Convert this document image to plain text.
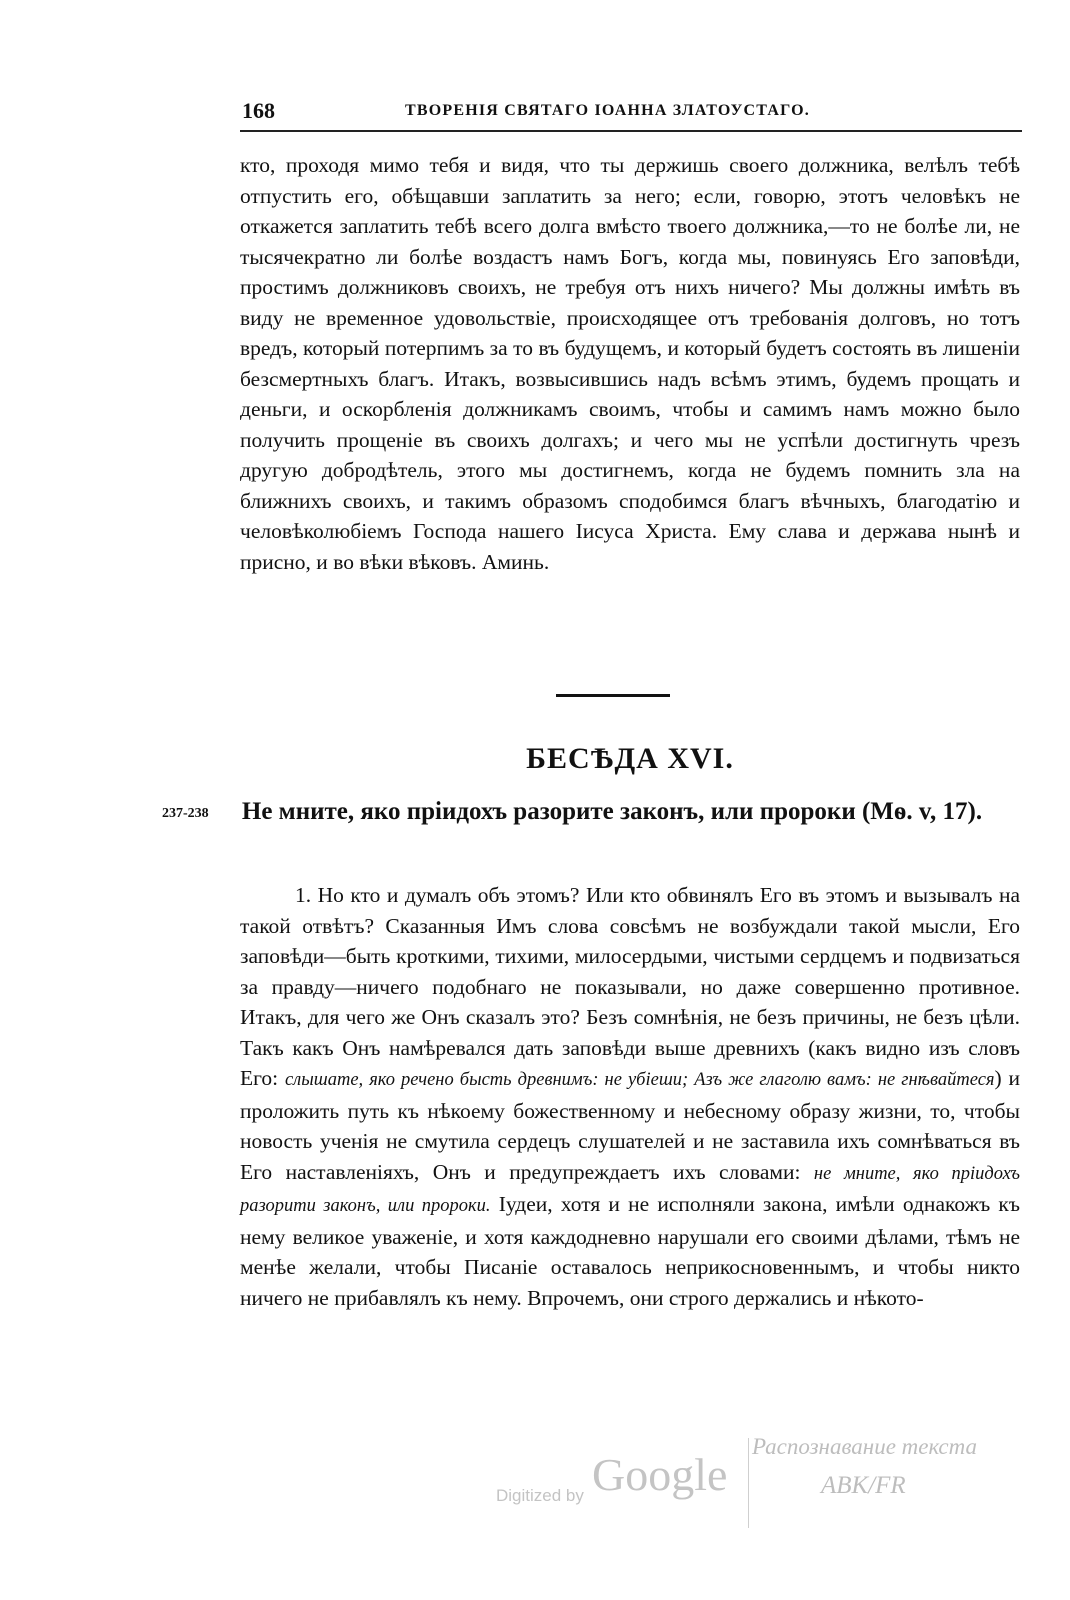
168	ТВОРЕНІЯ СВЯТАГО ІОАННА ЗЛАТОУСТАГО.
кто, проходя мимо тебя и видя, что ты держишь своего должника, велѣлъ тебѣ отпустить его, обѣщавши заплатить за него; если, говорю, этотъ человѣкъ не откажется заплатить тебѣ всего долга вмѣсто твоего должника,—то не болѣе ли, не тысячекратно ли болѣе воздастъ намъ Богъ, когда мы, повинуясь Его заповѣди, простимъ должниковъ своихъ, не требуя отъ нихъ ничего? Мы должны имѣть въ виду не временное удовольствіе, происходящее отъ требованія долговъ, но тотъ вредъ, который потерпимъ за то въ будущемъ, и который будетъ состоять въ лишеніи безсмертныхъ благъ. Итакъ, возвысившись надъ всѣмъ этимъ, будемъ прощать и деньги, и оскорбленія должникамъ своимъ, чтобы и самимъ намъ можно было получить прощеніе въ своихъ долгахъ; и чего мы не успѣли достигнуть чрезъ другую добродѣтель, этого мы достигнемъ, когда не будемъ помнить зла на ближнихъ своихъ, и такимъ образомъ сподобимся благъ вѣчныхъ, благодатію и человѣколюбіемъ Господа нашего Іисуса Христа. Ему слава и держава нынѣ и присно, и во вѣки вѣковъ. Аминь.
БЕСѢДА XVI.
237-238	Не мните, яко пріидохъ разорите законъ, или пророки (Мѳ. v, 17).
1. Но кто и думалъ объ этомъ? Или кто обвинялъ Его въ этомъ и вызывалъ на такой отвѣтъ? Сказанныя Имъ слова совсѣмъ не возбуждали такой мысли, Его заповѣди—быть кроткими, тихими, милосердыми, чистыми сердцемъ и подвизаться за правду—ничего подобнаго не показывали, но даже совершенно противное. Итакъ, для чего же Онъ сказалъ это? Безъ сомнѣнія, не безъ причины, не безъ цѣли. Такъ какъ Онъ намѣревался дать заповѣди выше древнихъ (какъ видно изъ словъ Его: слышате, яко речено бысть древнимъ: не убіеши; Азъ же глаголю вамъ: не гнѣвайтеся) и проложить путь къ нѣкоему божественному и небесному образу жизни, то, чтобы новость ученія не смутила сердецъ слушателей и не заставила ихъ сомнѣваться въ Его наставленіяхъ, Онъ и предупреждаетъ ихъ словами: не мните, яко пріидохъ разорити законъ, или пророки. Іудеи, хотя и не исполняли закона, имѣли однакожъ къ нему великое уваженіе, и хотя каждодневно нарушали его своими дѣлами, тѣмъ не менѣе желали, чтобы Писаніе оставалось неприкосновеннымъ, и чтобы никто ничего не прибавлялъ къ нему. Впрочемъ, они строго держались и нѣкото-
Digitized by Google
Распознавание текста
ABK/FR
